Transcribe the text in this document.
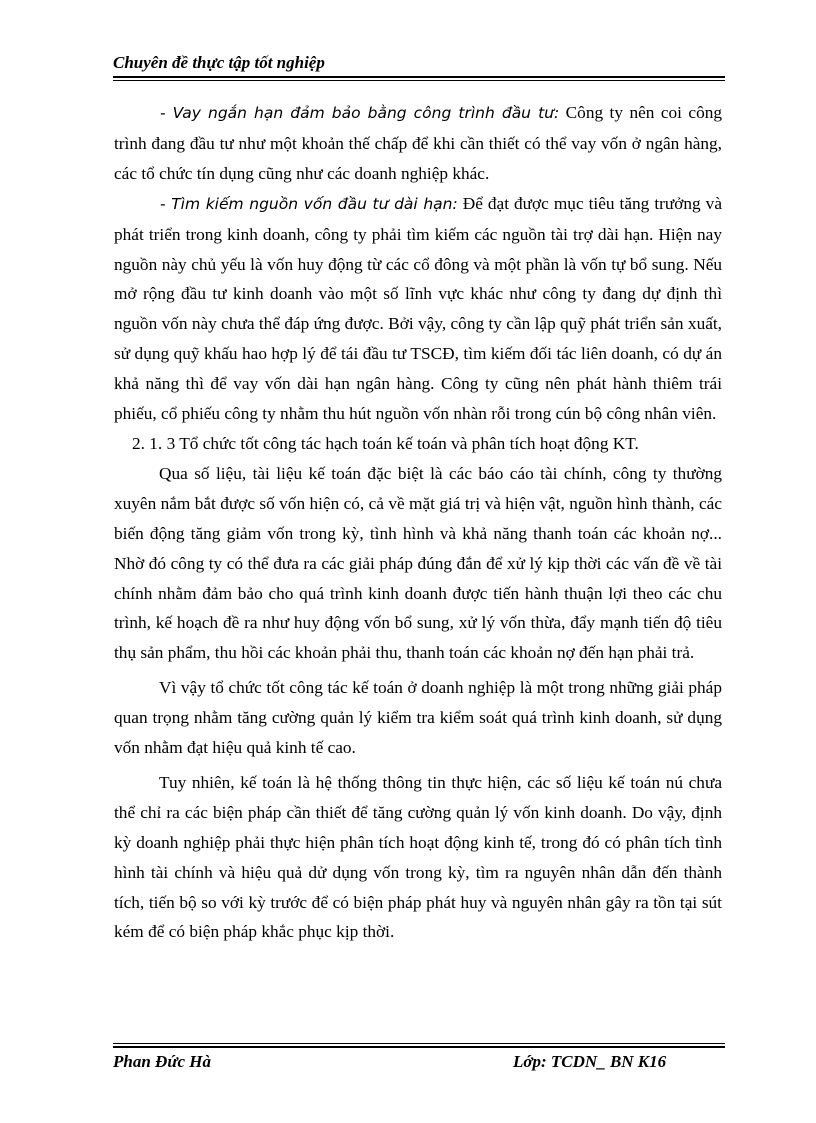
Chuyên đề thực tập tốt nghiệp

- Vay ngắn hạn đảm bảo bằng công trình đầu tư: Công ty nên coi công trình đang đầu tư như một khoản thế chấp để khi cần thiết có thể vay vốn ở ngân hàng, các tổ chức tín dụng cũng như các doanh nghiệp khác.

- Tìm kiếm nguồn vốn đầu tư dài hạn: Để đạt được mục tiêu tăng trưởng và phát triển trong kinh doanh, công ty phải tìm kiếm các nguồn tài trợ dài hạn. Hiện nay nguồn này chủ yếu là vốn huy động từ các cổ đông và một phần là vốn tự bổ sung. Nếu mở rộng đầu tư kinh doanh vào một số lĩnh vực khác như công ty đang dự định thì nguồn vốn này chưa thể đáp ứng được. Bởi vậy, công ty cần lập quỹ phát triển sản xuất, sử dụng quỹ khấu hao hợp lý để tái đầu tư TSCĐ, tìm kiếm đối tác liên doanh, có dự án khả năng thì để vay vốn dài hạn ngân hàng. Công ty cũng nên phát hành thiêm trái phiếu, cổ phiếu công ty nhằm thu hút nguồn vốn nhàn rỗi trong cún bộ công nhân viên.

2. 1. 3 Tổ chức tốt công tác hạch toán kế toán và phân tích hoạt động KT.

Qua số liệu, tài liệu kế toán đặc biệt là các báo cáo tài chính, công ty thường xuyên nắm bắt được số vốn hiện có, cả về mặt giá trị và hiện vật, nguồn hình thành, các biến động tăng giảm vốn trong kỳ, tình hình và khả năng thanh toán các khoản nợ... Nhờ đó công ty có thể đưa ra các giải pháp đúng đắn để xử lý kịp thời các vấn đề về tài chính nhằm đảm bảo cho quá trình kinh doanh được tiến hành thuận lợi theo các chu trình, kế hoạch đề ra như huy động vốn bổ sung, xử lý vốn thừa, đẩy mạnh tiến độ tiêu thụ sản phẩm, thu hồi các khoản phải thu, thanh toán các khoản nợ đến hạn phải trả.

Vì vậy tổ chức tốt công tác kế toán ở doanh nghiệp là một trong những giải pháp quan trọng nhằm tăng cường quản lý kiểm tra kiểm soát quá trình kinh doanh, sử dụng vốn nhằm đạt hiệu quả kinh tế cao.

Tuy nhiên, kế toán là hệ thống thông tin thực hiện, các số liệu kế toán nú chưa thể chỉ ra các biện pháp cần thiết để tăng cường quản lý vốn kinh doanh. Do vậy, định kỳ doanh nghiệp phải thực hiện phân tích hoạt động kinh tế, trong đó có phân tích tình hình tài chính và hiệu quả dử dụng vốn trong kỳ, tìm ra nguyên nhân dẫn đến thành tích, tiến bộ so với kỳ trước để có biện pháp phát huy và nguyên nhân gây ra tồn tại sút kém để có biện pháp khắc phục kịp thời.

Phan Đức Hà	Lớp: TCDN_ BN K16
